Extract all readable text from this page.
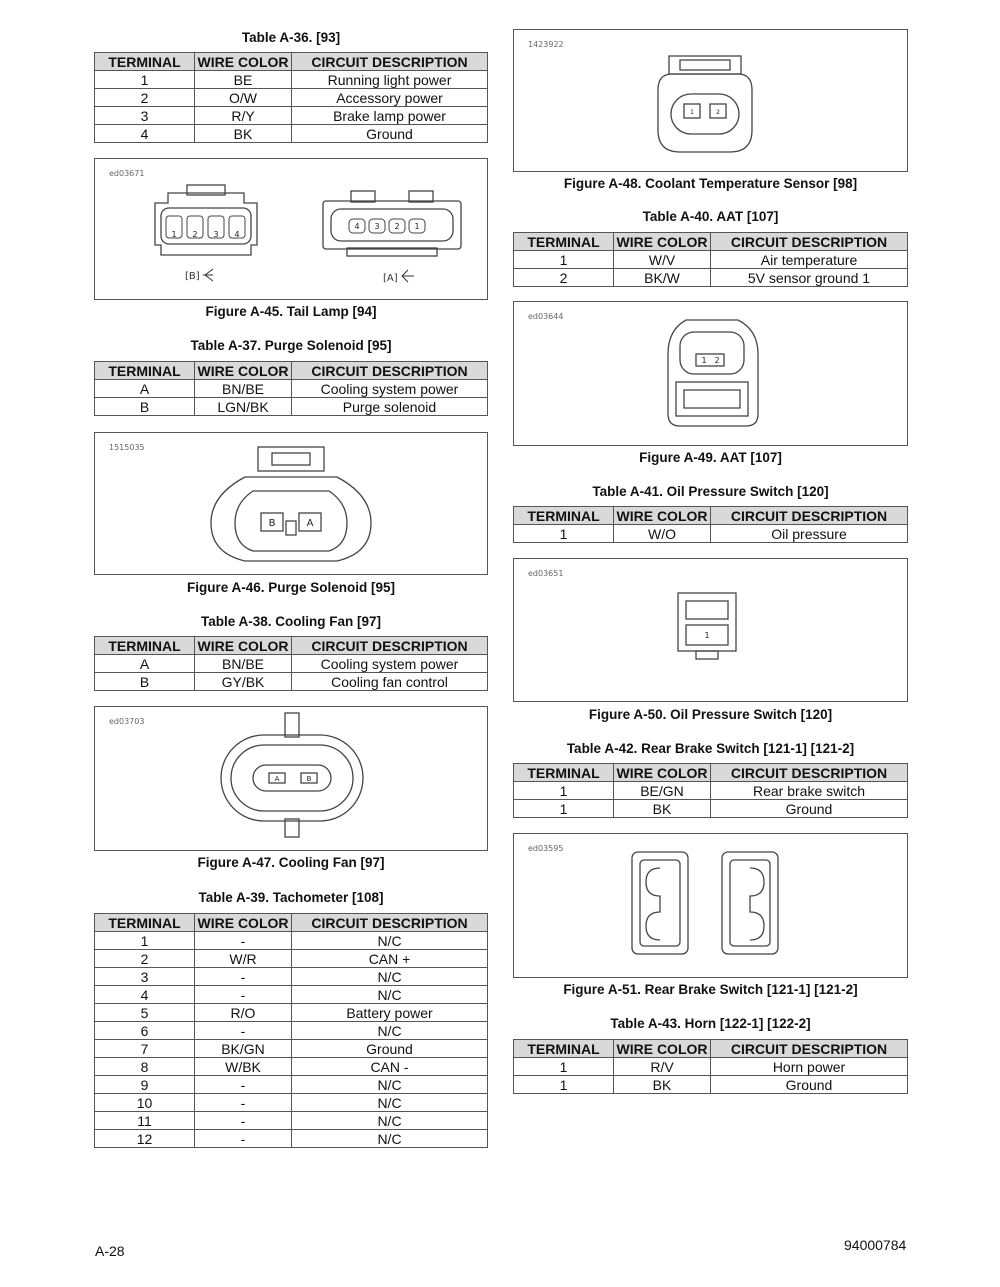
Table A-36. [93]
TERMINAL	WIRE COLOR	CIRCUIT DESCRIPTION
1	BE	Running light power
2	O/W	Accessory power
3	R/Y	Brake lamp power
4	BK	Ground
ed03671
1 2 3 4
4 3 2 1
[B]	[A]
Figure A-45. Tail Lamp [94]
Table A-37. Purge Solenoid [95]
TERMINAL	WIRE COLOR	CIRCUIT DESCRIPTION
A	BN/BE	Cooling system power
B	LGN/BK	Purge solenoid
1515035
B	A
Figure A-46. Purge Solenoid [95]
Table A-38. Cooling Fan [97]
TERMINAL	WIRE COLOR	CIRCUIT DESCRIPTION
A	BN/BE	Cooling system power
B	GY/BK	Cooling fan control
ed03703
A	B
Figure A-47. Cooling Fan [97]
Table A-39. Tachometer [108]
TERMINAL	WIRE COLOR	CIRCUIT DESCRIPTION
1	-	N/C
2	W/R	CAN +
3	-	N/C
4	-	N/C
5	R/O	Battery power
6	-	N/C
7	BK/GN	Ground
8	W/BK	CAN -
9	-	N/C
10	-	N/C
11	-	N/C
12	-	N/C
1423922
1	2
Figure A-48. Coolant Temperature Sensor [98]
Table A-40. AAT [107]
TERMINAL	WIRE COLOR	CIRCUIT DESCRIPTION
1	W/V	Air temperature
2	BK/W	5V sensor ground 1
ed03644
1 2
Figure A-49. AAT [107]
Table A-41. Oil Pressure Switch [120]
TERMINAL	WIRE COLOR	CIRCUIT DESCRIPTION
1	W/O	Oil pressure
ed03651
1
Figure A-50. Oil Pressure Switch [120]
Table A-42. Rear Brake Switch [121-1] [121-2]
TERMINAL	WIRE COLOR	CIRCUIT DESCRIPTION
1	BE/GN	Rear brake switch
1	BK	Ground
ed03595
Figure A-51. Rear Brake Switch [121-1] [121-2]
Table A-43. Horn [122-1] [122-2]
TERMINAL	WIRE COLOR	CIRCUIT DESCRIPTION
1	R/V	Horn power
1	BK	Ground
A-28	94000784
